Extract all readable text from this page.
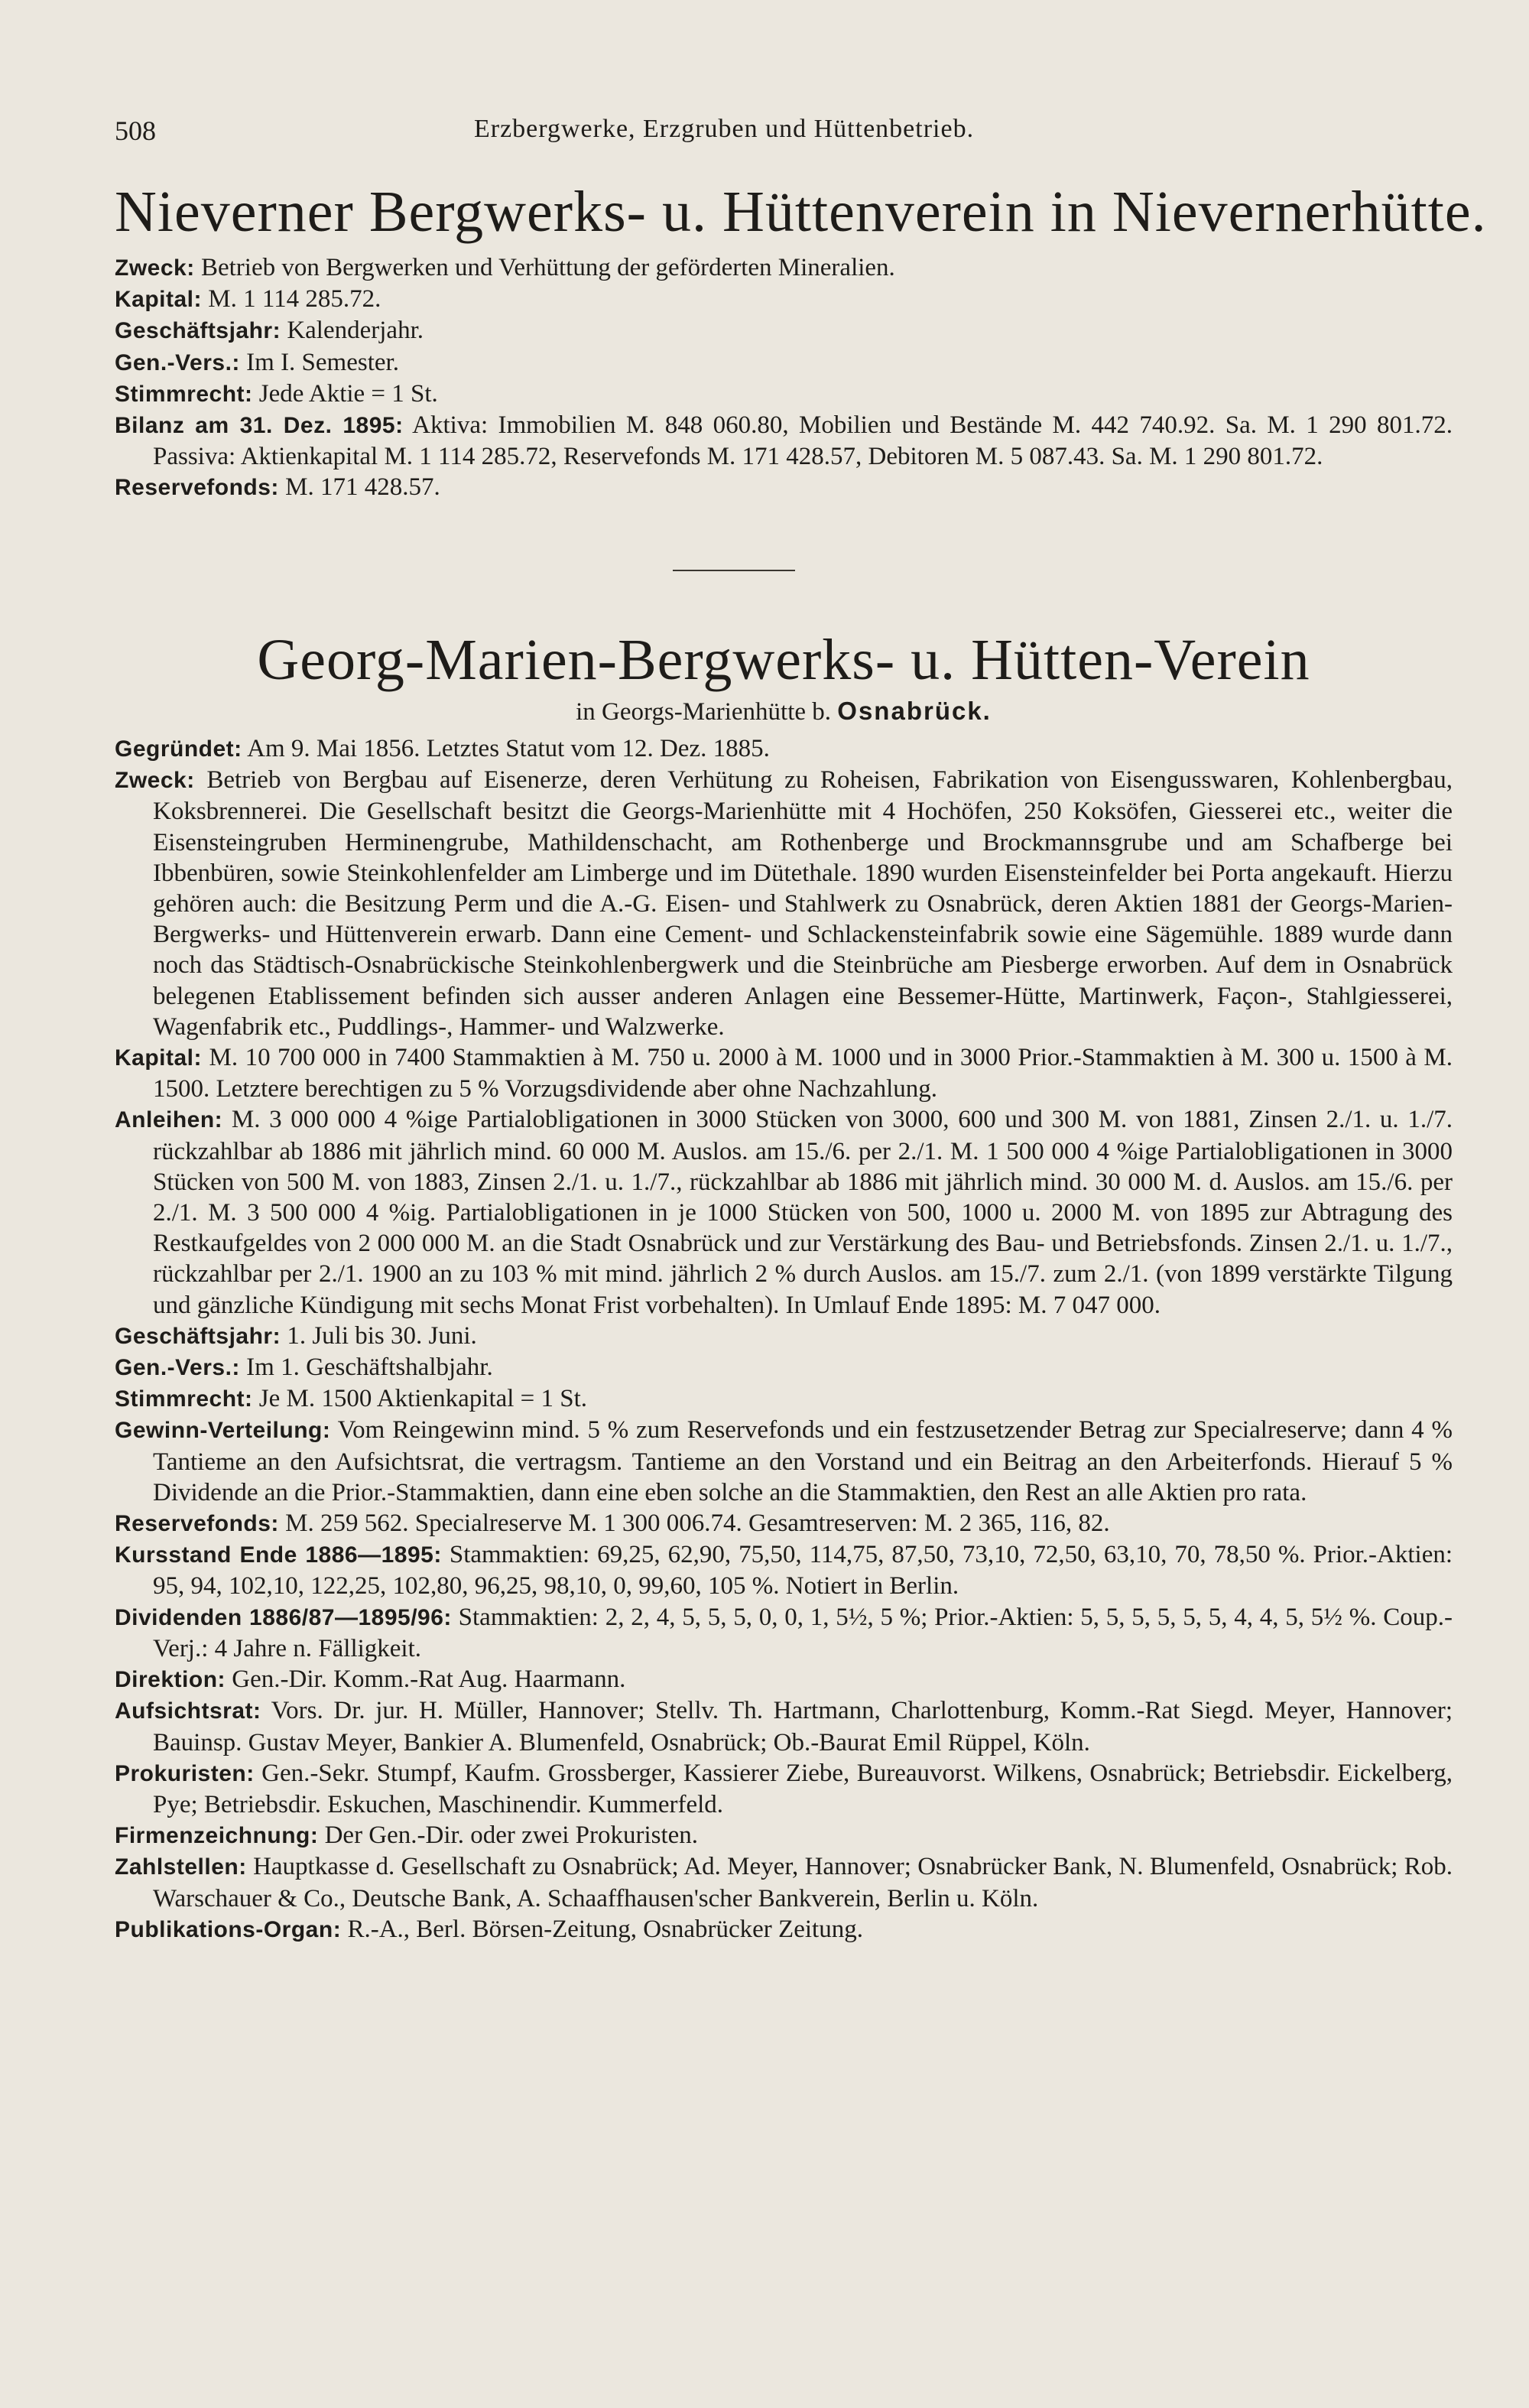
508	Erzbergwerke, Erzgruben und Hüttenbetrieb.
Nieverner Bergwerks- u. Hüttenverein in Nievernerhütte.
Zweck: Betrieb von Bergwerken und Verhüttung der geförderten Mineralien.
Kapital: M. 1 114 285.72.
Geschäftsjahr: Kalenderjahr.
Gen.-Vers.: Im I. Semester.
Stimmrecht: Jede Aktie = 1 St.
Bilanz am 31. Dez. 1895: Aktiva: Immobilien M. 848 060.80, Mobilien und Bestände M. 442 740.92. Sa. M. 1 290 801.72. Passiva: Aktienkapital M. 1 114 285.72, Reservefonds M. 171 428.57, Debitoren M. 5 087.43. Sa. M. 1 290 801.72.
Reservefonds: M. 171 428.57.
Georg-Marien-Bergwerks- u. Hütten-Verein
in Georgs-Marienhütte b. Osnabrück.
Gegründet: Am 9. Mai 1856. Letztes Statut vom 12. Dez. 1885.
Zweck: Betrieb von Bergbau auf Eisenerze, deren Verhütung zu Roheisen, Fabrikation von Eisengusswaren, Kohlenbergbau, Koksbrennerei. Die Gesellschaft besitzt die Georgs-Marienhütte mit 4 Hochöfen, 250 Koksöfen, Giesserei etc., weiter die Eisensteingruben Herminengrube, Mathildenschacht, am Rothenberge und Brockmannsgrube und am Schafberge bei Ibbenbüren, sowie Steinkohlenfelder am Limberge und im Dütethale. 1890 wurden Eisensteinfelder bei Porta angekauft. Hierzu gehören auch: die Besitzung Perm und die A.-G. Eisen- und Stahlwerk zu Osnabrück, deren Aktien 1881 der Georgs-Marien-Bergwerks- und Hüttenverein erwarb. Dann eine Cement- und Schlackensteinfabrik sowie eine Sägemühle. 1889 wurde dann noch das Städtisch-Osnabrückische Steinkohlenbergwerk und die Steinbrüche am Piesberge erworben. Auf dem in Osnabrück belegenen Etablissement befinden sich ausser anderen Anlagen eine Bessemer-Hütte, Martinwerk, Façon-, Stahlgiesserei, Wagenfabrik etc., Puddlings-, Hammer- und Walzwerke.
Kapital: M. 10 700 000 in 7400 Stammaktien à M. 750 u. 2000 à M. 1000 und in 3000 Prior.-Stammaktien à M. 300 u. 1500 à M. 1500. Letztere berechtigen zu 5 % Vorzugsdividende aber ohne Nachzahlung.
Anleihen: M. 3 000 000 4 %ige Partialobligationen in 3000 Stücken von 3000, 600 und 300 M. von 1881, Zinsen 2./1. u. 1./7. rückzahlbar ab 1886 mit jährlich mind. 60 000 M. Auslos. am 15./6. per 2./1. M. 1 500 000 4 %ige Partialobligationen in 3000 Stücken von 500 M. von 1883, Zinsen 2./1. u. 1./7., rückzahlbar ab 1886 mit jährlich mind. 30 000 M. d. Auslos. am 15./6. per 2./1. M. 3 500 000 4 %ig. Partialobligationen in je 1000 Stücken von 500, 1000 u. 2000 M. von 1895 zur Abtragung des Restkaufgeldes von 2 000 000 M. an die Stadt Osnabrück und zur Verstärkung des Bau- und Betriebsfonds. Zinsen 2./1. u. 1./7., rückzahlbar per 2./1. 1900 an zu 103 % mit mind. jährlich 2 % durch Auslos. am 15./7. zum 2./1. (von 1899 verstärkte Tilgung und gänzliche Kündigung mit sechs Monat Frist vorbehalten). In Umlauf Ende 1895: M. 7 047 000.
Geschäftsjahr: 1. Juli bis 30. Juni.
Gen.-Vers.: Im 1. Geschäftshalbjahr.
Stimmrecht: Je M. 1500 Aktienkapital = 1 St.
Gewinn-Verteilung: Vom Reingewinn mind. 5 % zum Reservefonds und ein festzusetzender Betrag zur Specialreserve; dann 4 % Tantieme an den Aufsichtsrat, die vertragsm. Tantieme an den Vorstand und ein Beitrag an den Arbeiterfonds. Hierauf 5 % Dividende an die Prior.-Stammaktien, dann eine eben solche an die Stammaktien, den Rest an alle Aktien pro rata.
Reservefonds: M. 259 562. Specialreserve M. 1 300 006.74. Gesamtreserven: M. 2 365, 116, 82.
Kursstand Ende 1886—1895: Stammaktien: 69,25, 62,90, 75,50, 114,75, 87,50, 73,10, 72,50, 63,10, 70, 78,50 %. Prior.-Aktien: 95, 94, 102,10, 122,25, 102,80, 96,25, 98,10, 0, 99,60, 105 %. Notiert in Berlin.
Dividenden 1886/87—1895/96: Stammaktien: 2, 2, 4, 5, 5, 5, 0, 0, 1, 5½, 5 %; Prior.-Aktien: 5, 5, 5, 5, 5, 5, 4, 4, 5, 5½ %. Coup.-Verj.: 4 Jahre n. Fälligkeit.
Direktion: Gen.-Dir. Komm.-Rat Aug. Haarmann.
Aufsichtsrat: Vors. Dr. jur. H. Müller, Hannover; Stellv. Th. Hartmann, Charlottenburg, Komm.-Rat Siegd. Meyer, Hannover; Bauinsp. Gustav Meyer, Bankier A. Blumenfeld, Osnabrück; Ob.-Baurat Emil Rüppel, Köln.
Prokuristen: Gen.-Sekr. Stumpf, Kaufm. Grossberger, Kassierer Ziebe, Bureauvorst. Wilkens, Osnabrück; Betriebsdir. Eickelberg, Pye; Betriebsdir. Eskuchen, Maschinendir. Kummerfeld.
Firmenzeichnung: Der Gen.-Dir. oder zwei Prokuristen.
Zahlstellen: Hauptkasse d. Gesellschaft zu Osnabrück; Ad. Meyer, Hannover; Osnabrücker Bank, N. Blumenfeld, Osnabrück; Rob. Warschauer & Co., Deutsche Bank, A. Schaaffhausen'scher Bankverein, Berlin u. Köln.
Publikations-Organ: R.-A., Berl. Börsen-Zeitung, Osnabrücker Zeitung.
